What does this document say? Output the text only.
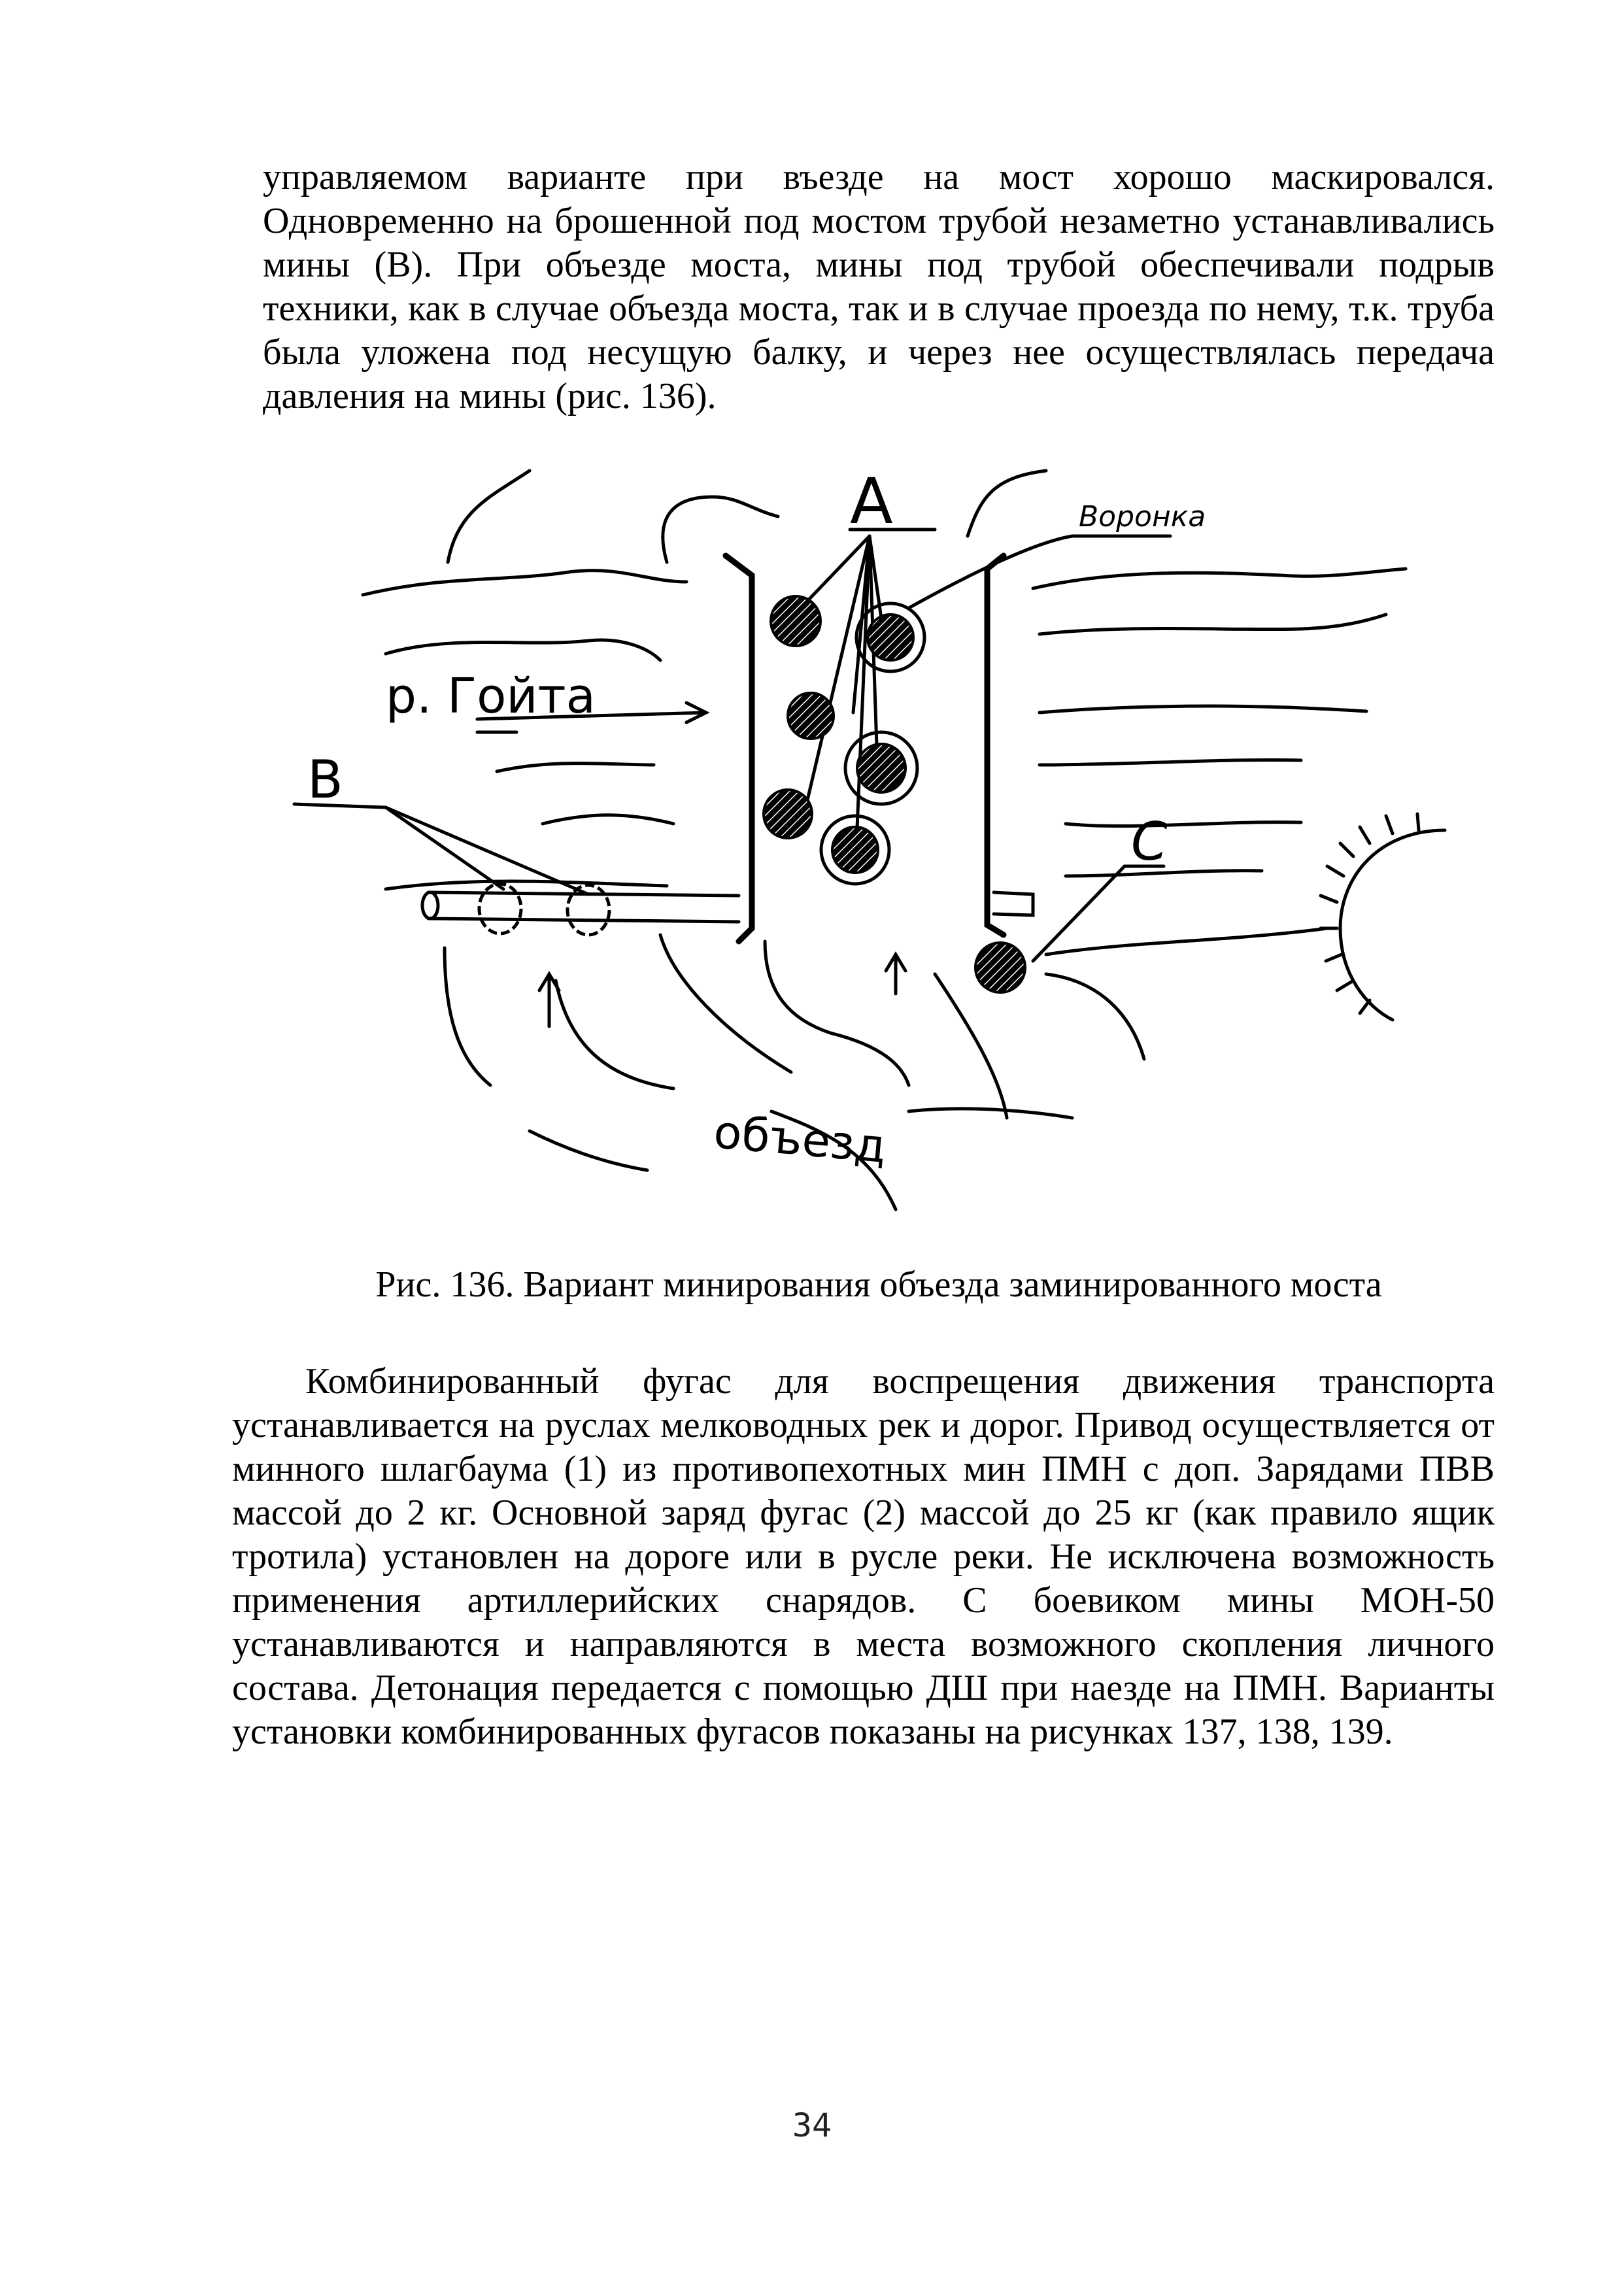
управляемом варианте при въезде на мост хорошо маскировался. Одновременно на брошенной под мостом трубой незаметно устанавливались мины (В). При объезде моста, мины под трубой обеспечивали подрыв техники, как в случае объезда моста, так и в случае проезда по нему, т.к. труба была уложена под несущую балку, и через нее осуществлялась передача давления на мины (рис. 136).

А	Воронка
р. Гойта
В
С
объезд
Рис. 136. Вариант минирования объезда заминированного моста

Комбинированный фугас для воспрещения движения транспорта устанавливается на руслах мелководных рек и дорог. Привод осуществляется от минного шлагбаума (1) из противопехотных мин ПМН с доп. Зарядами ПВВ массой до 2 кг. Основной заряд фугас (2) массой до 25 кг (как правило ящик тротила) установлен на дороге или в русле реки. Не исключена возможность применения артиллерийских снарядов. С боевиком мины МОН-50 устанавливаются и направляются в места возможного скопления личного состава. Детонация передается с помощью ДШ при наезде на ПМН. Варианты установки комбинированных фугасов показаны на рисунках 137, 138, 139.

34
